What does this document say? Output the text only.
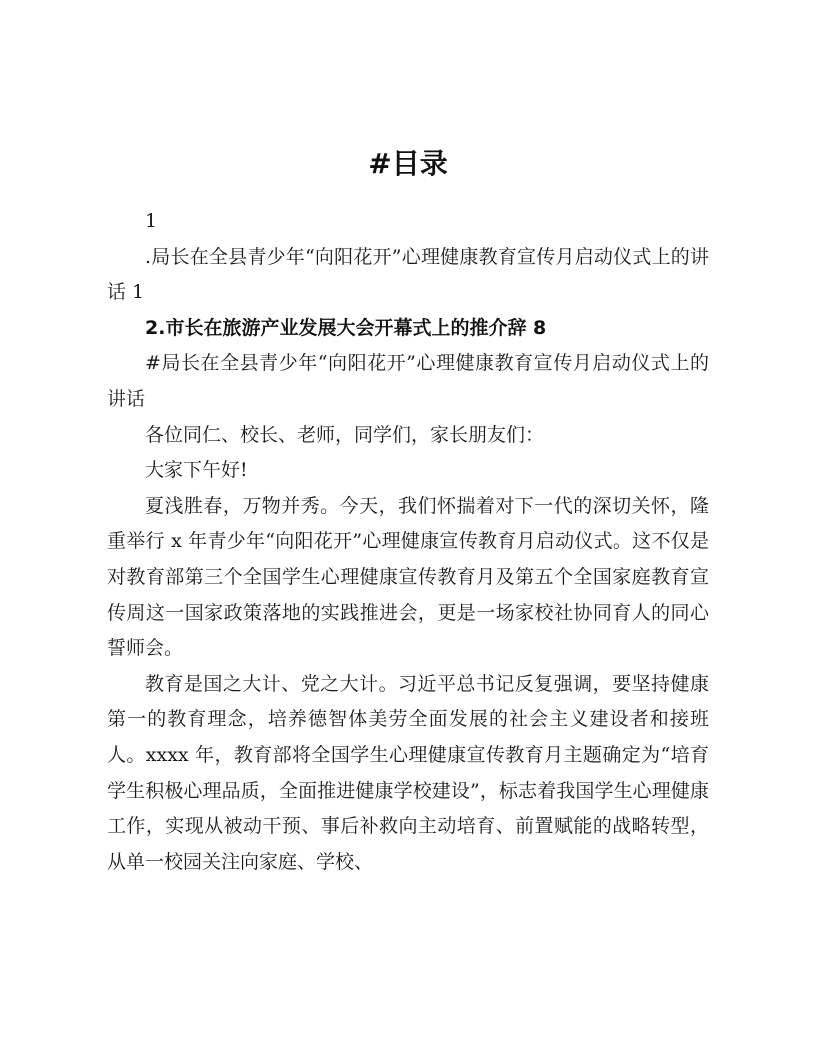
#目录

1

.局长在全县青少年“向阳花开”心理健康教育宣传月启动仪式上的讲话 1

2.市长在旅游产业发展大会开幕式上的推介辞 8

#局长在全县青少年“向阳花开”心理健康教育宣传月启动仪式上的讲话

各位同仁、校长、老师，同学们，家长朋友们：

大家下午好!

夏浅胜春，万物并秀。今天，我们怀揣着对下一代的深切关怀，隆重举行 x 年青少年“向阳花开”心理健康宣传教育月启动仪式。这不仅是对教育部第三个全国学生心理健康宣传教育月及第五个全国家庭教育宣传周这一国家政策落地的实践推进会，更是一场家校社协同育人的同心誓师会。

教育是国之大计、党之大计。习近平总书记反复强调，要坚持健康第一的教育理念，培养德智体美劳全面发展的社会主义建设者和接班人。xxxx 年，教育部将全国学生心理健康宣传教育月主题确定为“培育学生积极心理品质，全面推进健康学校建设”，标志着我国学生心理健康工作，实现从被动干预、事后补救向主动培育、前置赋能的战略转型，从单一校园关注向家庭、学校、
